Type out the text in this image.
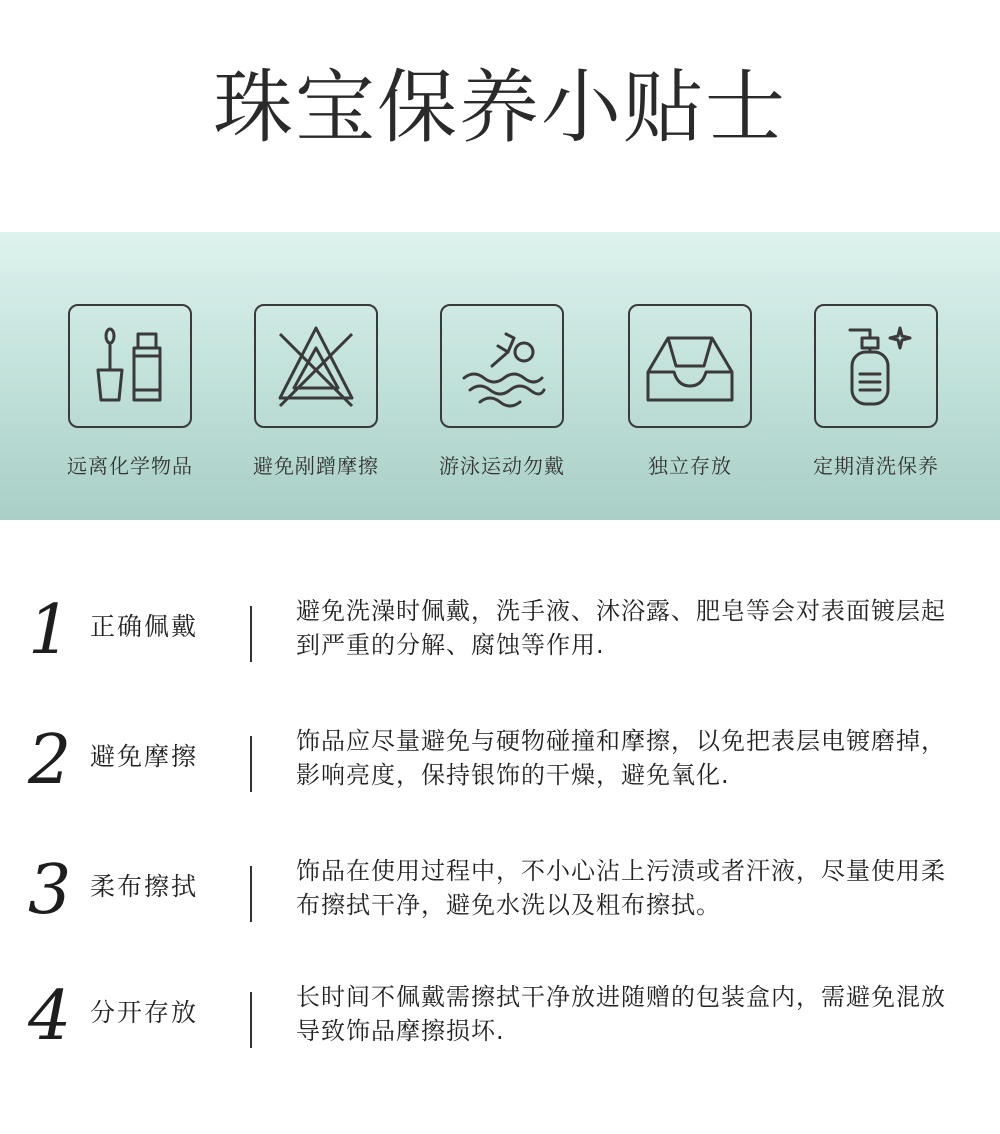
珠宝保养小贴士
远离化学物品	避免剐蹭摩擦	游泳运动勿戴	独立存放	定期清洗保养
1 正确佩戴
避免洗澡时佩戴，洗手液、沐浴露、肥皂等会对表面镀层起到严重的分解、腐蚀等作用.
2 避免摩擦
饰品应尽量避免与硬物碰撞和摩擦，以免把表层电镀磨掉，影响亮度，保持银饰的干燥，避免氧化.
3 柔布擦拭
饰品在使用过程中，不小心沾上污渍或者汗液，尽量使用柔布擦拭干净，避免水洗以及粗布擦拭。
4 分开存放
长时间不佩戴需擦拭干净放进随赠的包装盒内，需避免混放导致饰品摩擦损坏.
